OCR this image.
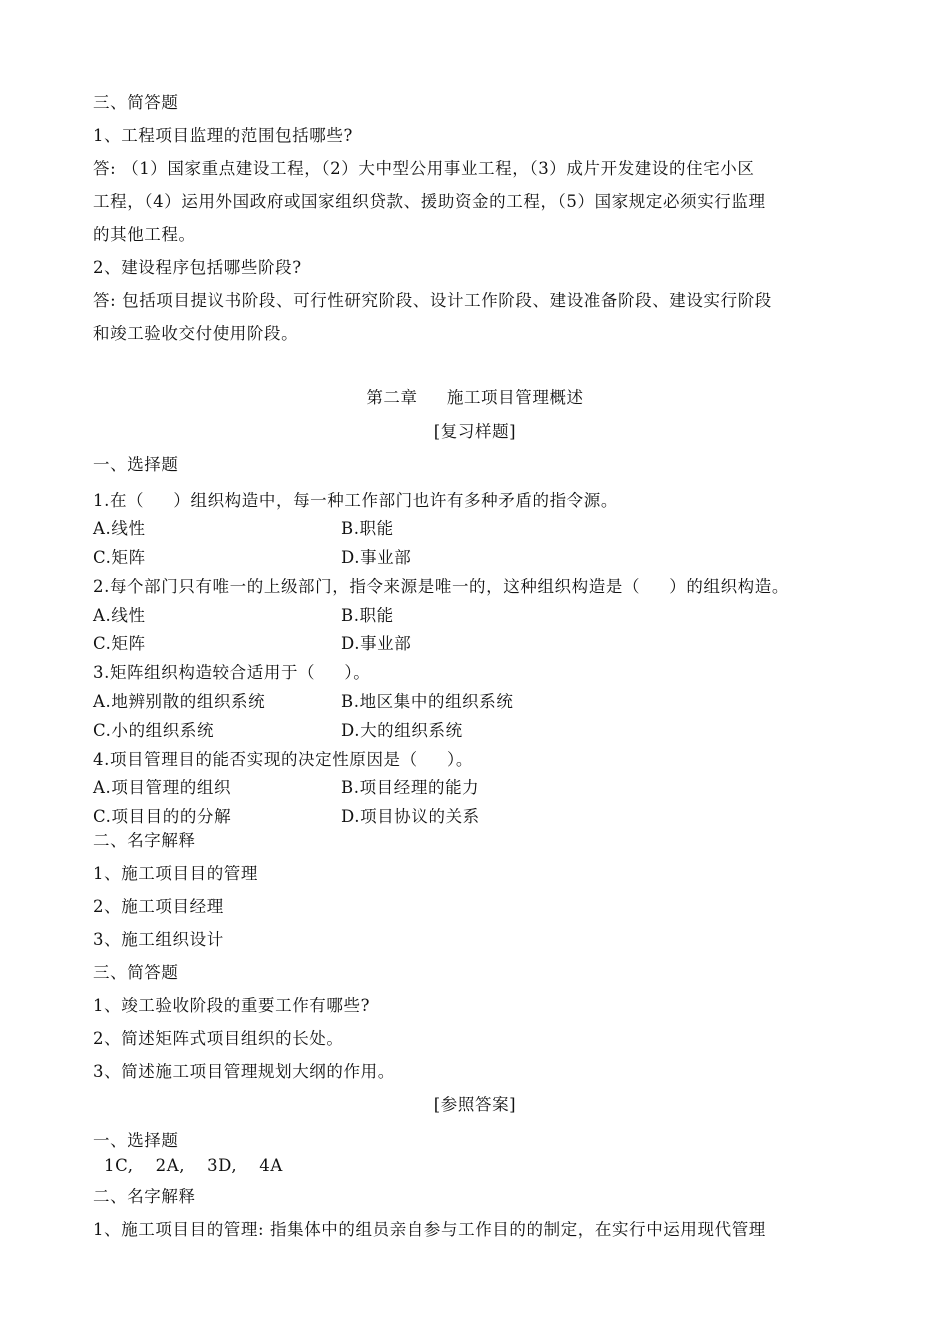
三、简答题
1、工程项目监理的范围包括哪些?
答: （1）国家重点建设工程，（2）大中型公用事业工程，（3）成片开发建设的住宅小区
工程，（4）运用外国政府或国家组织贷款、援助资金的工程，（5）国家规定必须实行监理
的其他工程。
2、建设程序包括哪些阶段?
答: 包括项目提议书阶段、可行性研究阶段、设计工作阶段、建设准备阶段、建设实行阶段
和竣工验收交付使用阶段。
第二章     施工项目管理概述
[复习样题]
一、选择题
1.在（     ）组织构造中，每一种工作部门也许有多种矛盾的指令源。
A.线性	B.职能
C.矩阵	D.事业部
2.每个部门只有唯一的上级部门，指令来源是唯一的，这种组织构造是（     ）的组织构造。
A.线性	B.职能
C.矩阵	D.事业部
3.矩阵组织构造较合适用于（     ）。
A.地辨别散的组织系统	B.地区集中的组织系统
C.小的组织系统	D.大的组织系统
4.项目管理目的能否实现的决定性原因是（     ）。
A.项目管理的组织	B.项目经理的能力
C.项目目的的分解	D.项目协议的关系
二、名字解释
1、施工项目目的管理
2、施工项目经理
3、施工组织设计
三、简答题
1、竣工验收阶段的重要工作有哪些?
2、简述矩阵式项目组织的长处。
3、简述施工项目管理规划大纲的作用。
[参照答案]
一、选择题
1C, 2A, 3D, 4A
二、名字解释
1、施工项目目的管理: 指集体中的组员亲自参与工作目的的制定，在实行中运用现代管理
